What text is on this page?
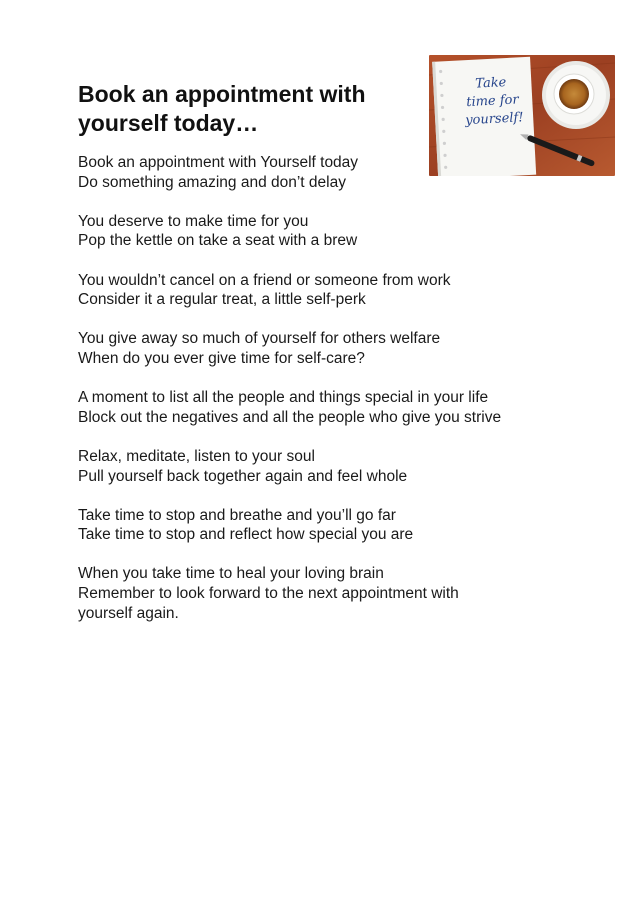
Book an appointment with yourself today…
Take
time for
yourself!

Book an appointment with Yourself today
Do something amazing and don’t delay

You deserve to make time for you
Pop the kettle on take a seat with a brew

You wouldn’t cancel on a friend or someone from work
Consider it a regular treat, a little self-perk

You give away so much of yourself for others welfare
When do you ever give time for self-care?

A moment to list all the people and things special in your life
Block out the negatives and all the people who give you strive

Relax, meditate, listen to your soul
Pull yourself back together again and feel whole

Take time to stop and breathe and you’ll go far
Take time to stop and reflect how special you are

When you take time to heal your loving brain
Remember to look forward to the next appointment with yourself again.
